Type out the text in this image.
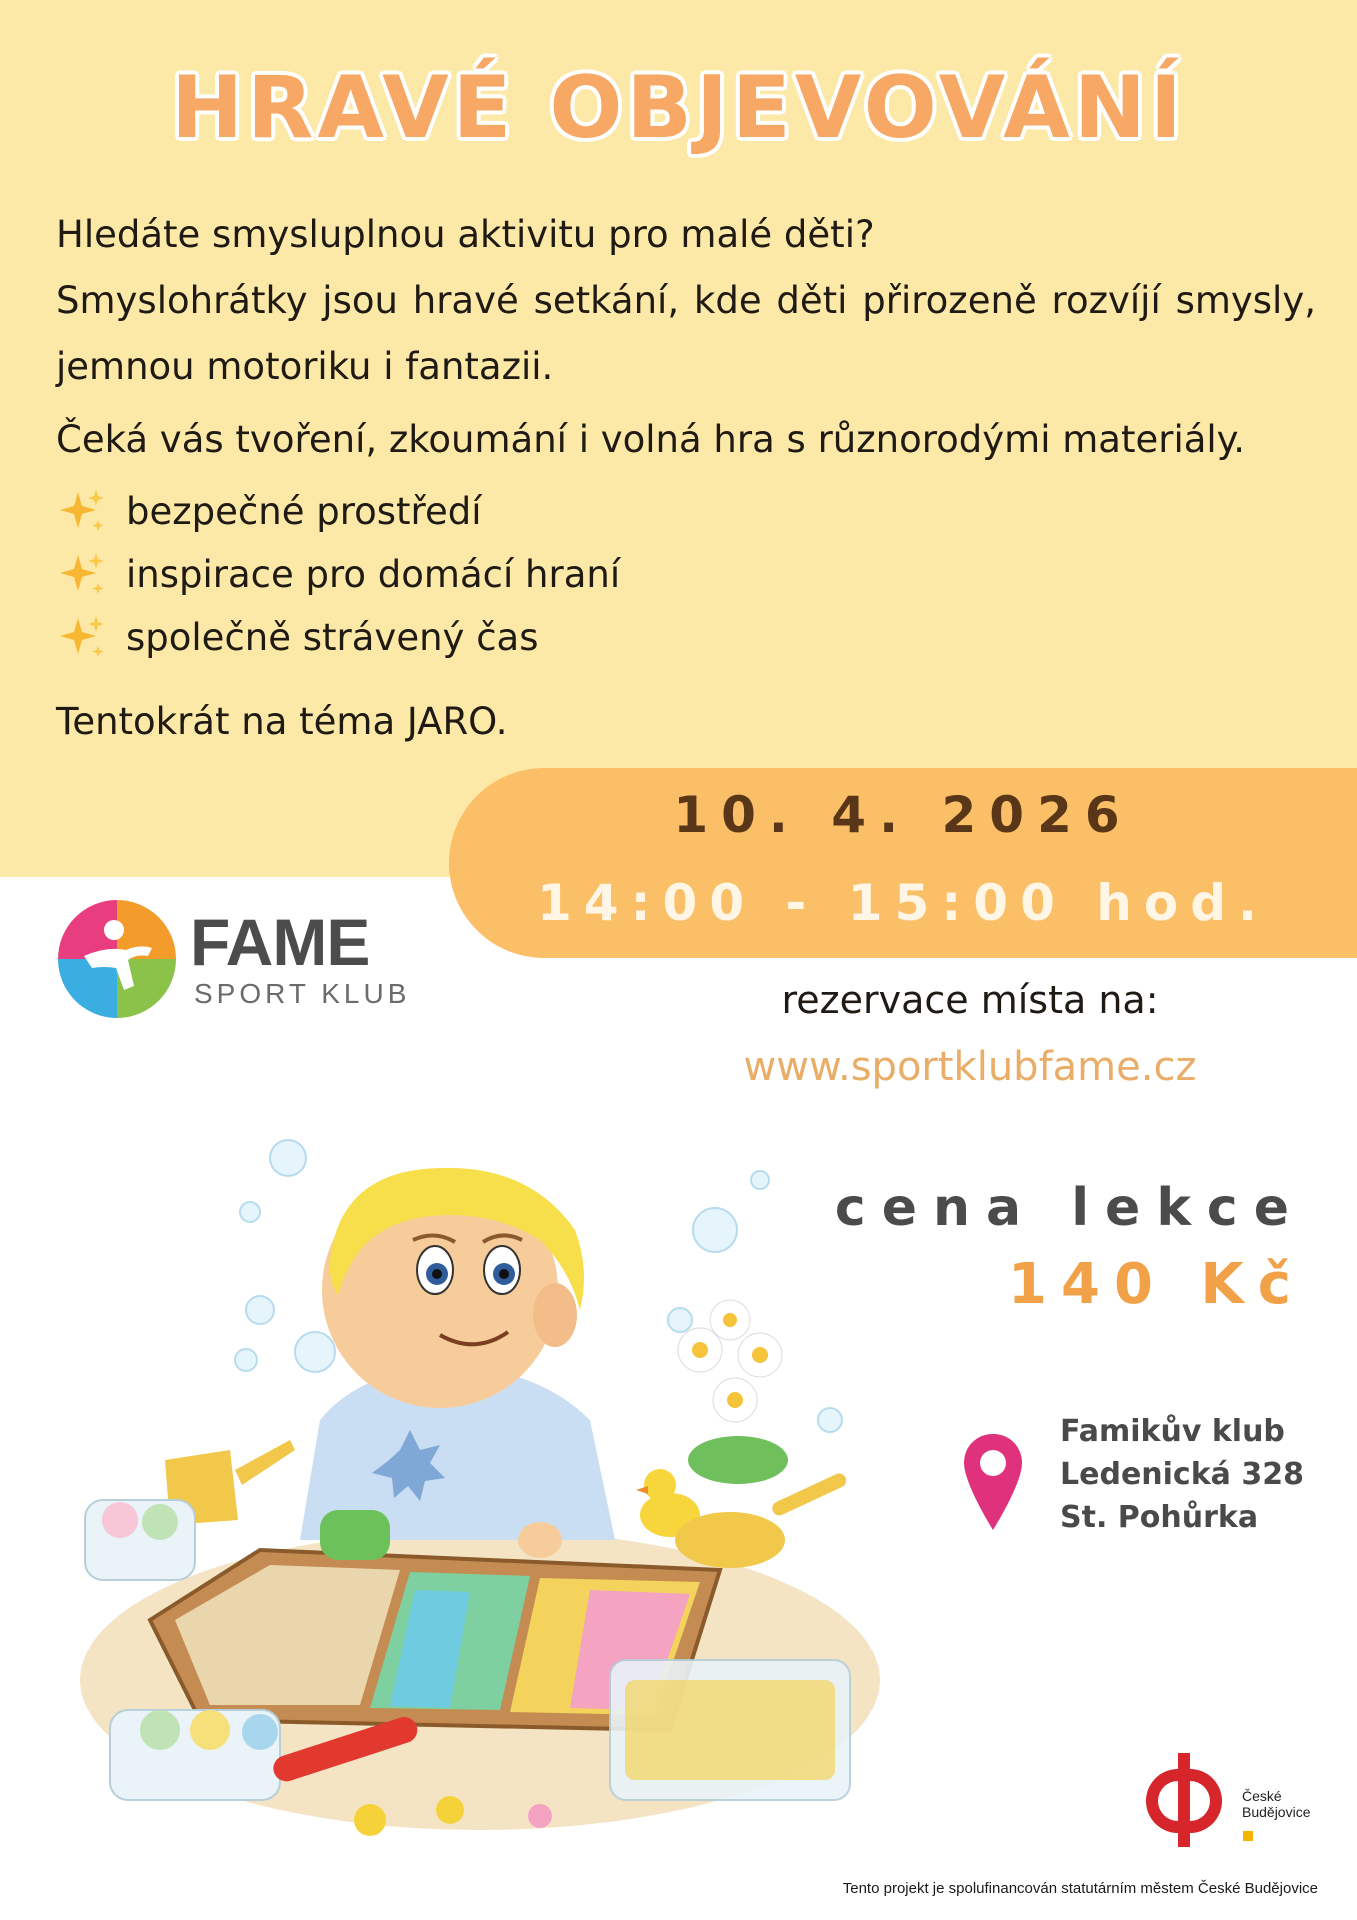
HRAVÉ OBJEVOVÁNÍ

Hledáte smysluplnou aktivitu pro malé děti?

Smyslohrátky jsou hravé setkání, kde děti přirozeně rozvíjí smysly, jemnou motoriku i fantazii.

Čeká vás tvoření, zkoumání i volná hra s různorodými materiály.
bezpečné prostředí
inspirace pro domácí hraní
společně strávený čas
Tentokrát na téma JARO.
10. 4. 2026
14:00 - 15:00 hod.
FAME
SPORT KLUB	rezervace místa na:
www.sportklubfame.cz
cena lekce
140 Kč
Famikův klub
Ledenická 328
St. Pohůrka
České
Budějovice
Tento projekt je spolufinancován statutárním městem České Budějovice
